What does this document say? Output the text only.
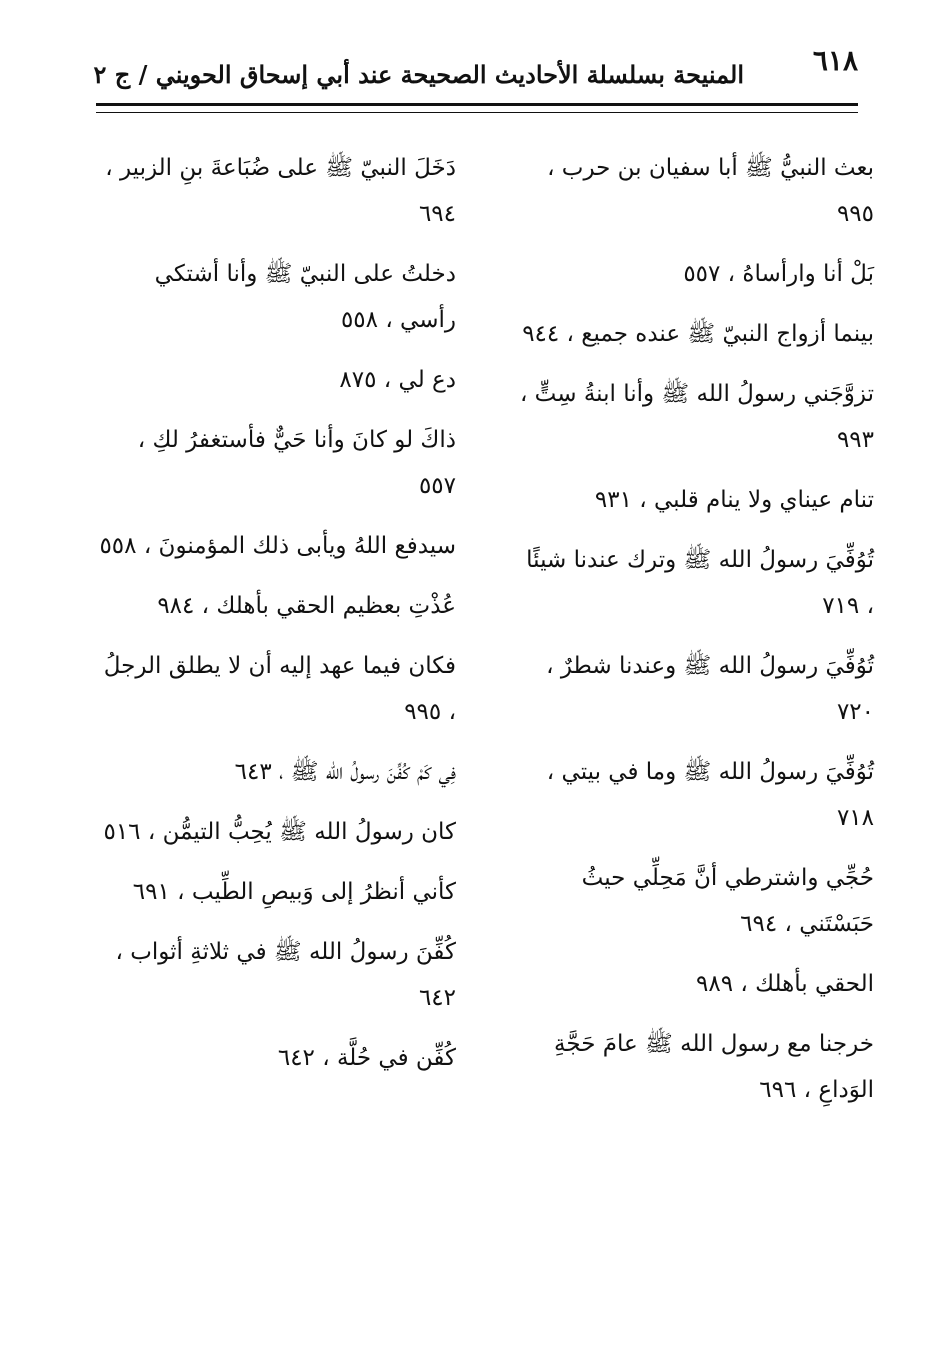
٦١٨
المنيحة بسلسلة الأحاديث الصحيحة عند أبي إسحاق الحويني / ج ٢
بعث النبيُّ ﷺ أبا سفيان بن حرب ، ٩٩٥
بَلْ أنا وارأساهُ ، ٥٥٧
بينما أزواج النبيّ ﷺ عنده جميع ، ٩٤٤
تزوَّجَني رسولُ الله ﷺ وأنا ابنةُ سِتٍّ ، ٩٩٣
تنام عيناي ولا ينام قلبي ، ٩٣١
تُوُفِّيَ رسولُ الله ﷺ وترك عندنا شيئًا ، ٧١٩
تُوُفِّيَ رسولُ الله ﷺ وعندنا شطرٌ ، ٧٢٠
تُوُفِّيَ رسولُ الله ﷺ وما في بيتي ، ٧١٨
حُجِّي واشترطي أنَّ مَحِلِّي حيثُ حَبَسْتَني ، ٦٩٤
الحقي بأهلك ، ٩٨٩
خرجنا مع رسول الله ﷺ عامَ حَجَّةِ الوَداعِ ، ٦٩٦
دَخَلَ النبيّ ﷺ على ضُبَاعةَ بنِ الزبير ، ٦٩٤
دخلتُ على النبيّ ﷺ وأنا أشتكي رأسي ، ٥٥٨
دع لي ، ٨٧٥
ذاكَ لو كانَ وأنا حَيٌّ فأستغفرُ لكِ ، ٥٥٧
سيدفع اللهُ ويأبى ذلك المؤمنونَ ، ٥٥٨
عُذْتِ بعظيم الحقي بأهلك ، ٩٨٤
فكان فيما عهد إليه أن لا يطلق الرجلُ ، ٩٩٥
فِي كَمْ كُفِّنَ رسولُ الله ﷺ ، ٦٤٣
كان رسولُ الله ﷺ يُحِبُّ التيمُّن ، ٥١٦
كأني أنظرُ إلى وَبيصِ الطِّيب ، ٦٩١
كُفِّنَ رسولُ الله ﷺ في ثلاثةِ أثواب ، ٦٤٢
كُفِّن في حُلَّة ، ٦٤٢
